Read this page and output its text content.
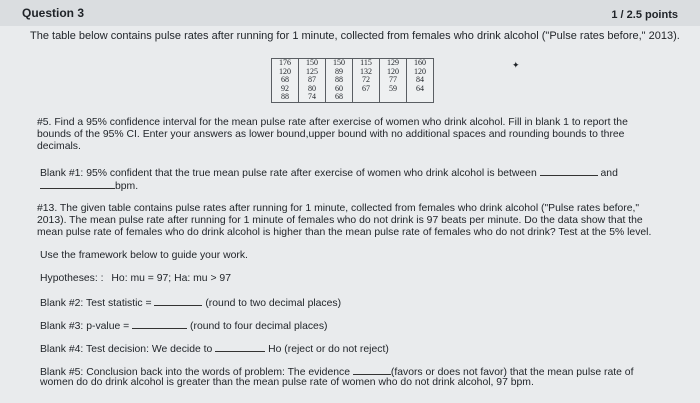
Question 3	1 / 2.5 points
The table below contains pulse rates after running for 1 minute, collected from females who drink alcohol ("Pulse rates before," 2013).
176	150	150	115	129	160
120	125	89	132	120	120
68	87	88	72	77	84
92	80	60	67	59	64
88	74	68			
✦
#5. Find a 95% confidence interval for the mean pulse rate after exercise of women who drink alcohol. Fill in blank 1 to report the
bounds of the 95% CI. Enter your answers as lower bound,upper bound with no additional spaces and rounding bounds to three
decimals.
Blank #1: 95% confident that the true mean pulse rate after exercise of women who drink alcohol is between	and
bpm.
#13. The given table contains pulse rates after running for 1 minute, collected from females who drink alcohol ("Pulse rates before,"
2013). The mean pulse rate after running for 1 minute of females who do not drink is 97 beats per minute. Do the data show that the
mean pulse rate of females who do drink alcohol is higher than the mean pulse rate of females who do not drink? Test at the 5% level.
Use the framework below to guide your work.
Hypotheses: : Ho: mu = 97; Ha: mu > 97
Blank #2: Test statistic =	(round to two decimal places)
Blank #3: p-value =	(round to four decimal places)
Blank #4: Test decision: We decide to	Ho (reject or do not reject)
Blank #5: Conclusion back into the words of problem: The evidence	(favors or does not favor) that the mean pulse rate of
women do do drink alcohol is greater than the mean pulse rate of women who do not drink alcohol, 97 bpm.
